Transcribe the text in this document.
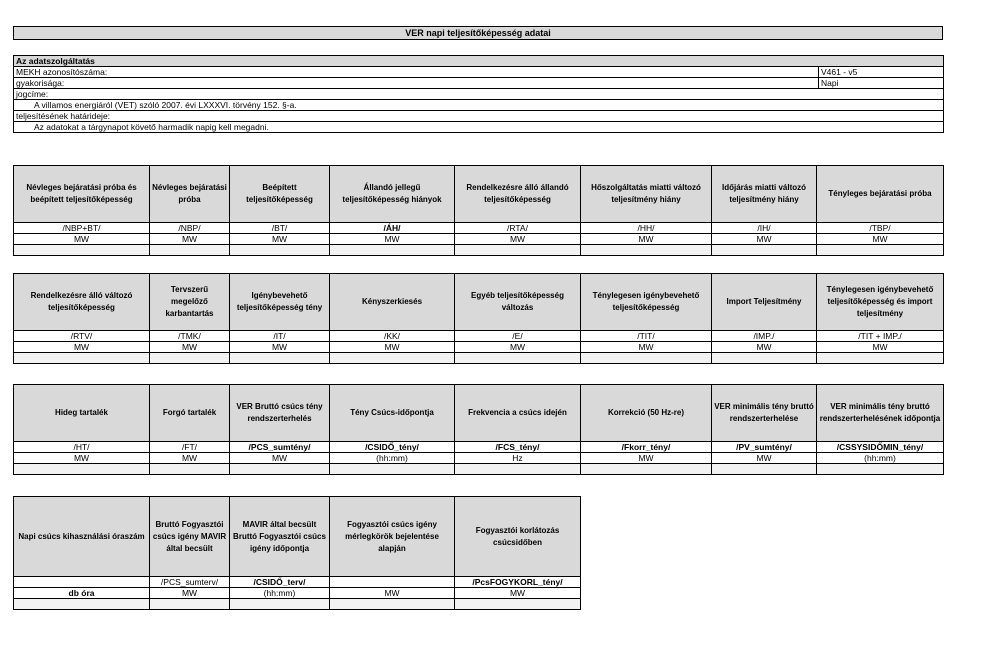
VER napi teljesítőképesség adatai
Az adatszolgáltatás	
MEKH azonosítószáma:	V461 - v5
gyakorisága:	Napi
jogcíme:	
A villamos energiáról (VET) szóló 2007. évi LXXXVI. törvény 152. §-a.	
teljesítésének határideje:	
Az adatokat a tárgynapot követő harmadik napig kell megadni.	
Névleges bejáratási próba és beépített teljesítőképesség	Névleges bejáratási próba	Beépített teljesítőképesség	Állandó jellegű teljesítőképesség hiányok	Rendelkezésre álló állandó teljesítőképesség	Hőszolgáltatás miatti változó teljesítmény hiány	Időjárás miatti változó teljesítmény hiány	Tényleges bejáratási próba
/NBP+BT/	/NBP/	/BT/	/ÁH/	/RTA/	/HH/	/IH/	/TBP/
MW	MW	MW	MW	MW	MW	MW	MW

Rendelkezésre álló változó teljesítőképesség	Tervszerű megelőző karbantartás	Igénybevehető teljesítőképesség tény	Kényszerkiesés	Egyéb teljesítőképesség változás	Ténylegesen igénybevehető teljesítőképesség	Import Teljesítmény	Ténylegesen igénybevehető teljesítőképesség és import teljesítmény
/RTV/	/TMK/	/IT/	/KK/	/E/	/TIT/	/IMP./	/TIT + IMP./
MW	MW	MW	MW	MW	MW	MW	MW

Hideg tartalék	Forgó tartalék	VER Bruttó csúcs tény rendszerterhelés	Tény Csúcs-időpontja	Frekvencia a csúcs idején	Korrekció (50 Hz-re)	VER minimális tény bruttó rendszerterhelése	VER minimális tény bruttó rendszerterhelésének időpontja
/HT/	/FT/	/PCS_sumtény/	/CSIDŐ_tény/	/FCS_tény/	/Fkorr_tény/	/PV_sumtény/	/CSSYSIDŐMIN_tény/
MW	MW	MW	(hh:mm)	Hz	MW	MW	(hh:mm)

Napi csúcs kihasználási óraszám	Bruttó Fogyasztói csúcs igény MAVIR által becsült	MAVIR által becsült Bruttó Fogyasztói csúcs igény időpontja	Fogyasztói csúcs igény mérlegkörök bejelentése alapján	Fogyasztói korlátozás csúcsidőben
	/PCS_sumterv/	/CSIDŐ_terv/		/PcsFOGYKORL_tény/
db óra	MW	(hh:mm)	MW	MW
